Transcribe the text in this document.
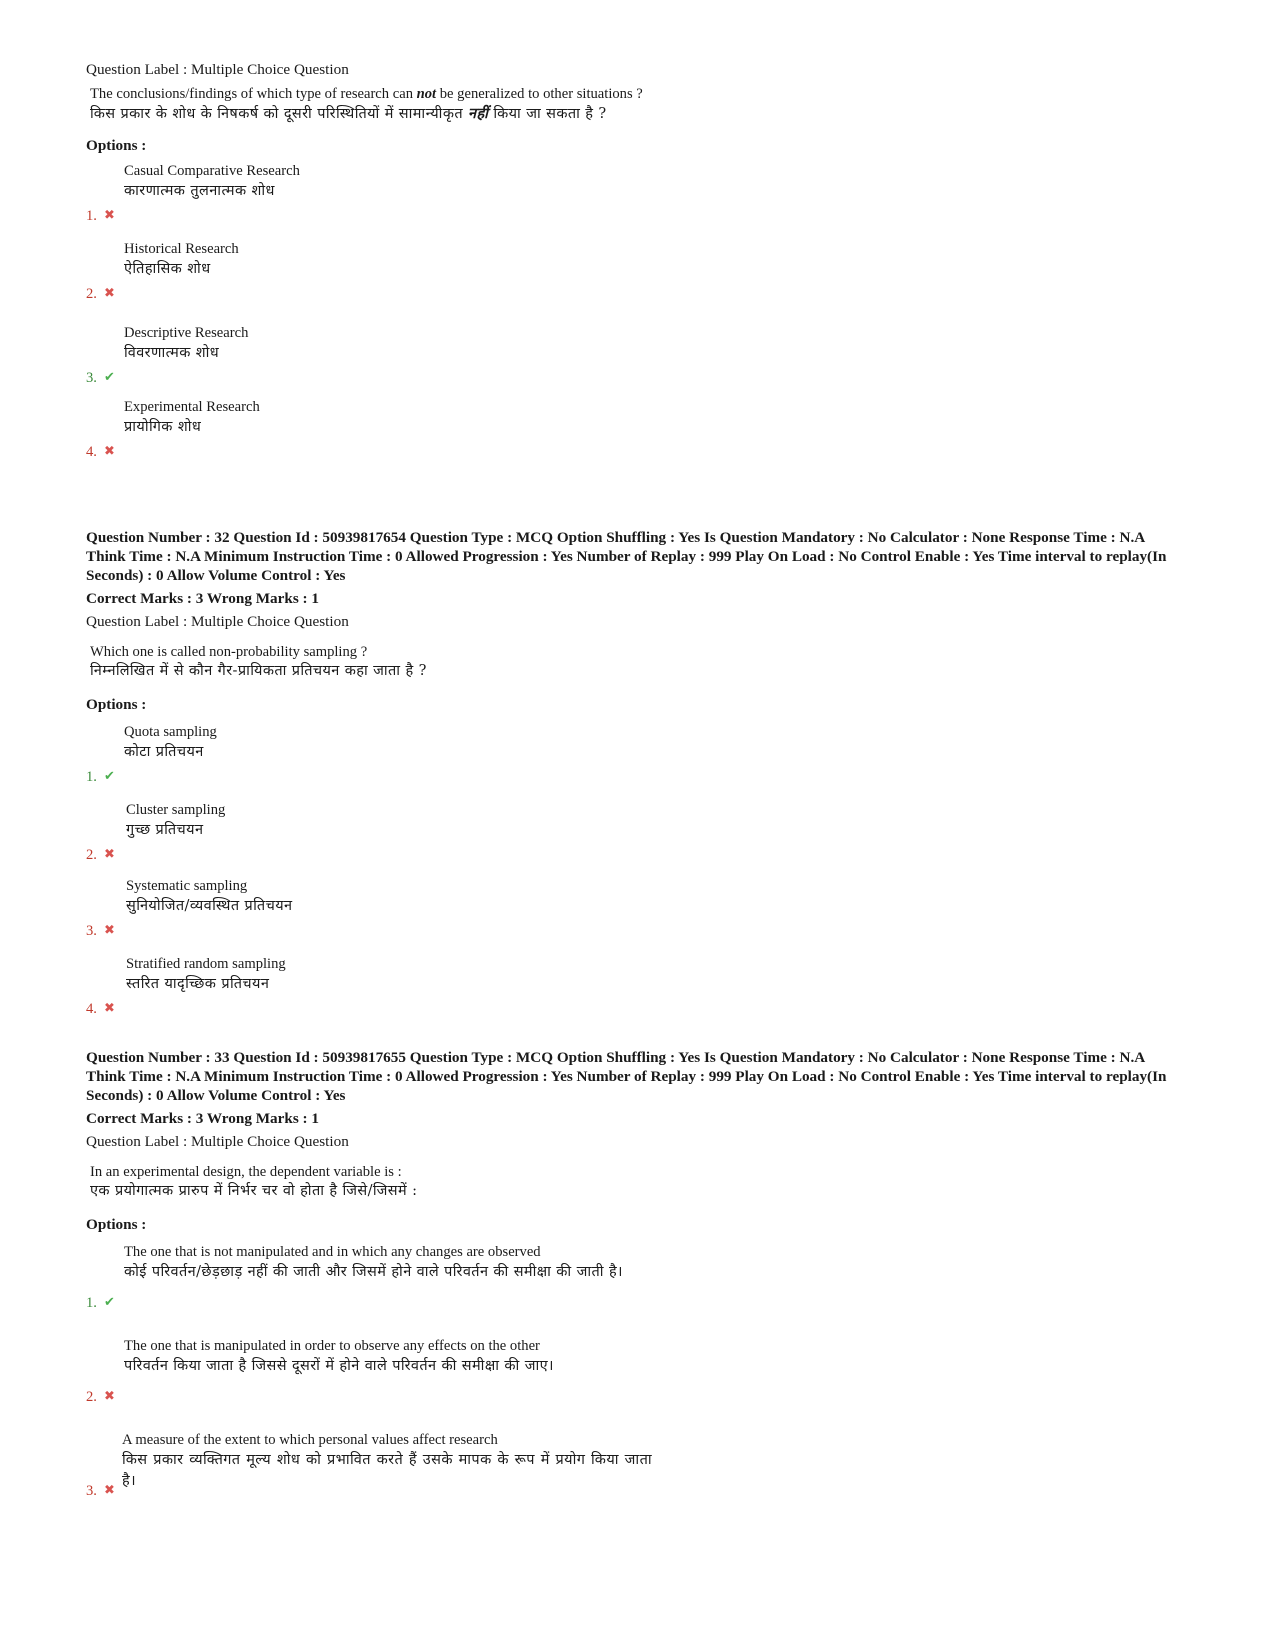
Question Label : Multiple Choice Question
The conclusions/findings of which type of research can not be generalized to other situations ?
किस प्रकार के शोध के निषकर्ष को दूसरी परिस्थितियों में सामान्यीकृत नहीं किया जा सकता है ?
Options :
Casual Comparative Research
कारणात्मक तुलनात्मक शोध
1. ✖
Historical Research
ऐतिहासिक शोध
2. ✖
Descriptive Research
विवरणात्मक शोध
3. ✔
Experimental Research
प्रायोगिक शोध
4. ✖

Question Number : 32 Question Id : 50939817654 Question Type : MCQ Option Shuffling : Yes Is Question Mandatory : No Calculator : None Response Time : N.A Think Time : N.A Minimum Instruction Time : 0 Allowed Progression : Yes Number of Replay : 999 Play On Load : No Control Enable : Yes Time interval to replay(In Seconds) : 0 Allow Volume Control : Yes

Correct Marks : 3 Wrong Marks : 1
Question Label : Multiple Choice Question
Which one is called non-probability sampling ?
निम्नलिखित में से कौन गैर-प्रायिकता प्रतिचयन कहा जाता है ?
Options :
Quota sampling
कोटा प्रतिचयन
1. ✔
Cluster sampling
गुच्छ प्रतिचयन
2. ✖
Systematic sampling
सुनियोजित/व्यवस्थित प्रतिचयन
3. ✖
Stratified random sampling
स्तरित यादृच्छिक प्रतिचयन
4. ✖

Question Number : 33 Question Id : 50939817655 Question Type : MCQ Option Shuffling : Yes Is Question Mandatory : No Calculator : None Response Time : N.A Think Time : N.A Minimum Instruction Time : 0 Allowed Progression : Yes Number of Replay : 999 Play On Load : No Control Enable : Yes Time interval to replay(In Seconds) : 0 Allow Volume Control : Yes

Correct Marks : 3 Wrong Marks : 1
Question Label : Multiple Choice Question
In an experimental design, the dependent variable is :
एक प्रयोगात्मक प्रारुप में निर्भर चर वो होता है जिसे/जिसमें :
Options :
The one that is not manipulated and in which any changes are observed
कोई परिवर्तन/छेड़छाड़ नहीं की जाती और जिसमें होने वाले परिवर्तन की समीक्षा की जाती है।
1. ✔
The one that is manipulated in order to observe any effects on the other
परिवर्तन किया जाता है जिससे दूसरों में होने वाले परिवर्तन की समीक्षा की जाए।
2. ✖
A measure of the extent to which personal values affect research
किस प्रकार व्यक्तिगत मूल्य शोध को प्रभावित करते हैं उसके मापक के रूप में प्रयोग किया जाता है।
3. ✖
